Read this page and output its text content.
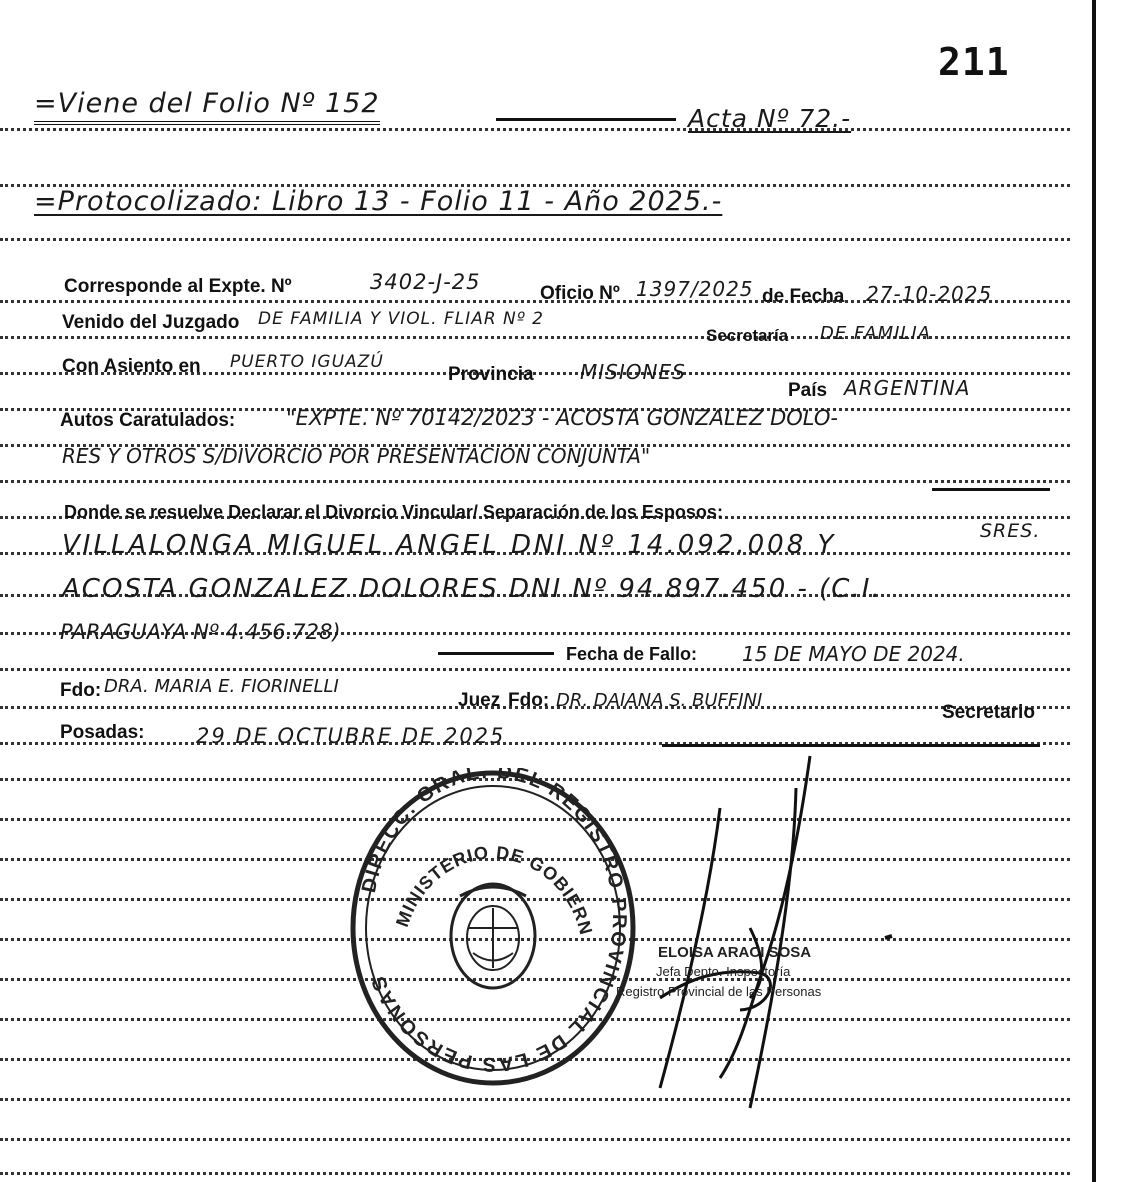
211
=Viene del Folio Nº 152	Acta Nº 72.-
=Protocolizado: Libro 13 - Folio 11 - Año 2025.-
Corresponde al Expte. Nº	3402-J-25	Oficio Nº 1397/2025 de Fecha 27-10-2025
Venido del Juzgado DE FAMILIA Y VIOL. FLIAR Nº 2
Secretaría DE FAMILIA
Con Asiento en PUERTO IGUAZÚ
Provincia MISIONES
País ARGENTINA
Autos Caratulados: "EXPTE. Nº 70142/2023 - ACOSTA GONZALEZ DOLO-
RES Y OTROS S/DIVORCIO POR PRESENTACIÓN CONJUNTA"
Donde se resuelve Declarar el Divorcio Vincular/ Separación de los Esposos:
SRES.
VILLALONGA MIGUEL ANGEL DNI Nº 14.092.008 Y
ACOSTA GONZALEZ DOLORES DNI Nº 94.897.450 - (C.I.
PARAGUAYA Nº 4.456.728)
Fecha de Fallo: 15 DE MAYO DE 2024.
Fdo: DRA. MARIA E. FIORINELLI
Juez Fdo: DR. DAIANA S. BUFFINI
Secretario
Posadas: 29 DE OCTUBRE DE 2025
DIRECC. GRAL. DEL REGISTRO PROVINCIAL DE LAS PERSONAS
MINISTERIO DE GOBIERN
ELOISA ARACI SOSA
Jefa Depto. Inspectoría
Registro Provincial de las Personas
